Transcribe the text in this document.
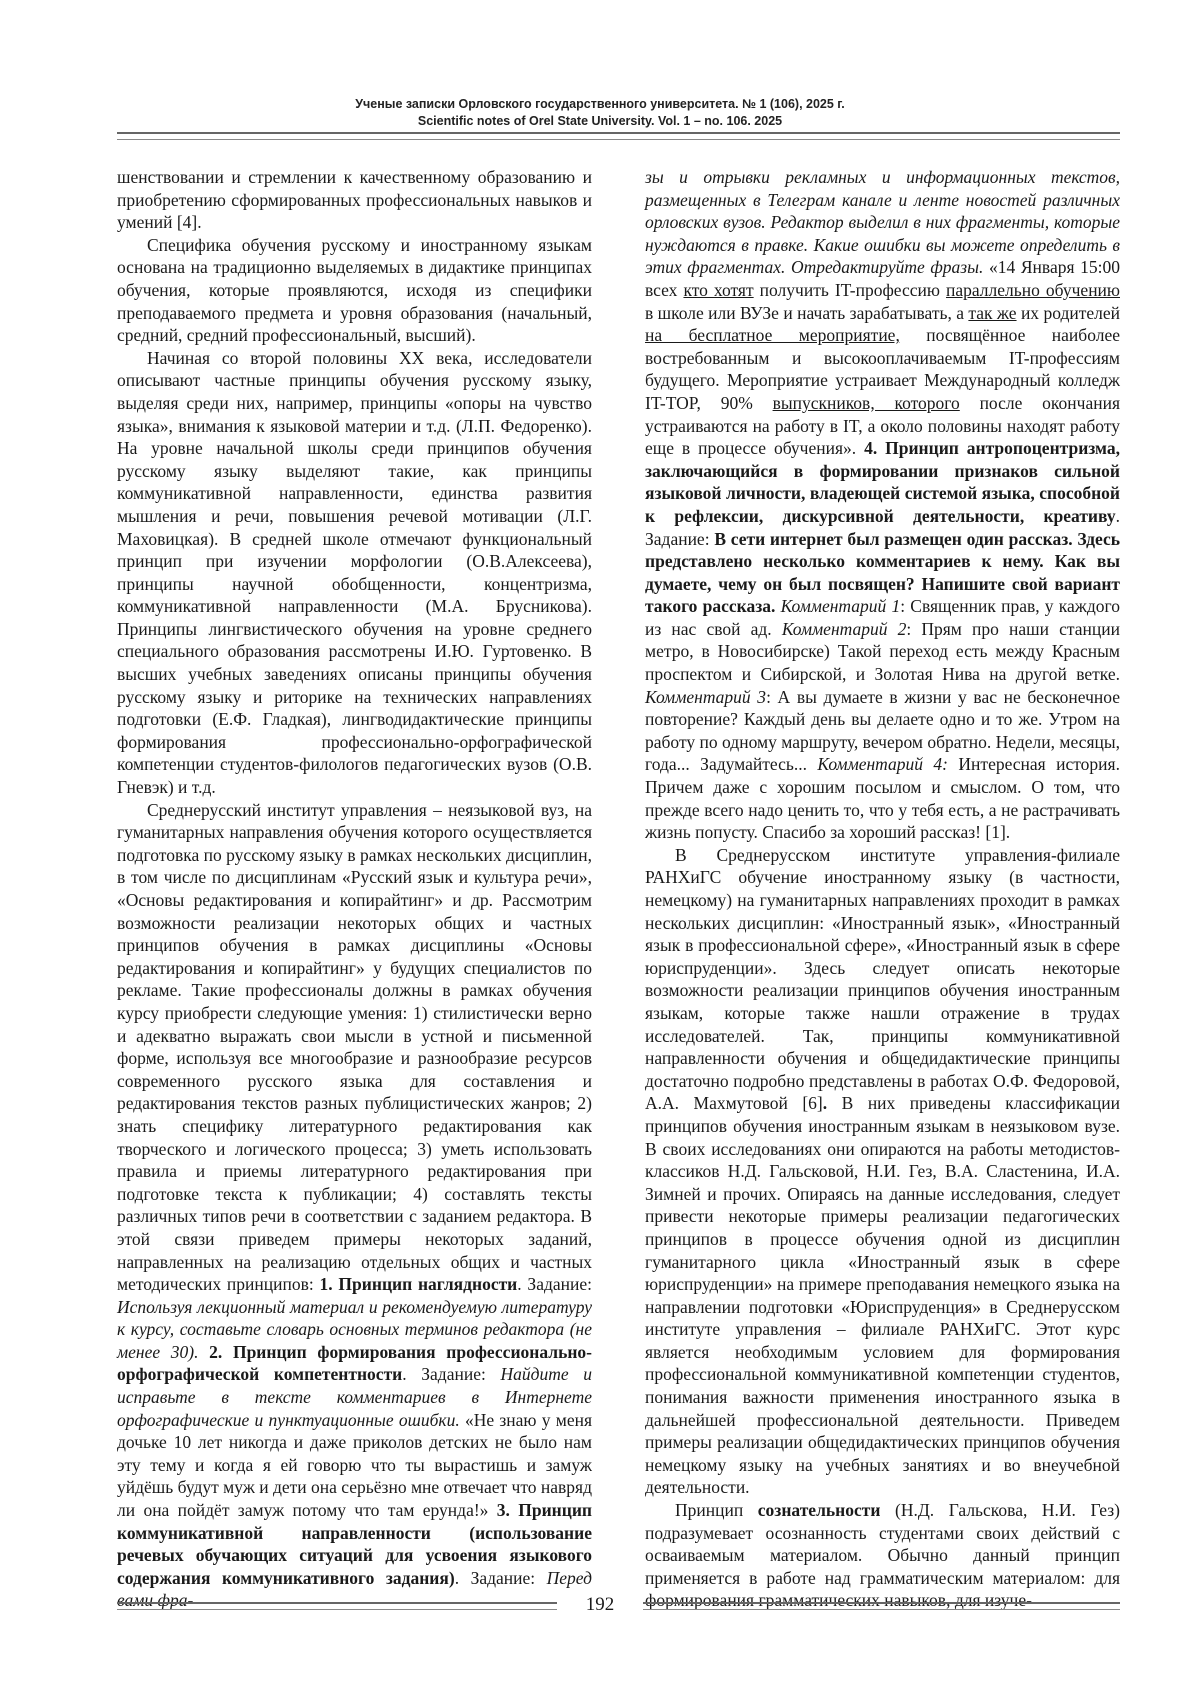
Ученые записки Орловского государственного университета. № 1 (106), 2025 г.
Scientific notes of Orel State University. Vol. 1 – no. 106. 2025

шенствовании и стремлении к качественному образованию и приобретению сформированных профессиональных навыков и умений [4].

Специфика обучения русскому и иностранному языкам основана на традиционно выделяемых в дидактике принципах обучения, которые проявляются, исходя из специфики преподаваемого предмета и уровня образования (начальный, средний, средний профессиональный, высший).

Начиная со второй половины XX века, исследователи описывают частные принципы обучения русскому языку, выделяя среди них, например, принципы «опоры на чувство языка», внимания к языковой материи и т.д. (Л.П. Федоренко). На уровне начальной школы среди принципов обучения русскому языку выделяют такие, как принципы коммуникативной направленности, единства развития мышления и речи, повышения речевой мотивации (Л.Г. Маховицкая). В средней школе отмечают функциональный принцип при изучении морфологии (О.В.Алексеева), принципы научной обобщенности, концентризма, коммуникативной направленности (М.А. Брусникова). Принципы лингвистического обучения на уровне среднего специального образования рассмотрены И.Ю. Гуртовенко. В высших учебных заведениях описаны принципы обучения русскому языку и риторике на технических направлениях подготовки (Е.Ф. Гладкая), лингводидактические принципы формирования профессионально-орфографической компетенции студентов-филологов педагогических вузов (О.В. Гневэк) и т.д.

Среднерусский институт управления – неязыковой вуз, на гуманитарных направления обучения которого осуществляется подготовка по русскому языку в рамках нескольких дисциплин, в том числе по дисциплинам «Русский язык и культура речи», «Основы редактирования и копирайтинг» и др. Рассмотрим возможности реализации некоторых общих и частных принципов обучения в рамках дисциплины «Основы редактирования и копирайтинг» у будущих специалистов по рекламе. Такие профессионалы должны в рамках обучения курсу приобрести следующие умения: 1) стилистически верно и адекватно выражать свои мысли в устной и письменной форме, используя все многообразие и разнообразие ресурсов современного русского языка для составления и редактирования текстов разных публицистических жанров; 2) знать специфику литературного редактирования как творческого и логического процесса; 3) уметь использовать правила и приемы литературного редактирования при подготовке текста к публикации; 4) составлять тексты различных типов речи в соответствии с заданием редактора. В этой связи приведем примеры некоторых заданий, направленных на реализацию отдельных общих и частных методических принципов: 1. Принцип наглядности. Задание: Используя лекционный материал и рекомендуемую литературу к курсу, составьте словарь основных терминов редактора (не менее 30). 2. Принцип формирования профессионально-орфографической компетентности. Задание: Найдите и исправьте в тексте комментариев в Интернете орфографические и пунктуационные ошибки. «Не знаю у меня дочьке 10 лет никогда и даже приколов детских не было нам эту тему и когда я ей говорю что ты вырастишь и замуж уйдёшь будут муж и дети она серьёзно мне отвечает что навряд ли она пойдёт замуж потому что там ерунда!» 3. Принцип коммуникативной направленности (использование речевых обучающих ситуаций для усвоения языкового содержания коммуникативного задания). Задание: Перед вами фра-

зы и отрывки рекламных и информационных текстов, размещенных в Телеграм канале и ленте новостей различных орловских вузов. Редактор выделил в них фрагменты, которые нуждаются в правке. Какие ошибки вы можете определить в этих фрагментах. Отредактируйте фразы. «14 Января 15:00 всех кто хотят получить IT-профессию параллельно обучению в школе или ВУЗе и начать зарабатывать, а так же их родителей на бесплатное мероприятие, посвящённое наиболее востребованным и высокооплачиваемым IT-профессиям будущего. Мероприятие устраивает Международный колледж IT-TOP, 90% выпускников, которого после окончания устраиваются на работу в IT, а около половины находят работу еще в процессе обучения». 4. Принцип антропоцентризма, заключающийся в формировании признаков сильной языковой личности, владеющей системой языка, способной к рефлексии, дискурсивной деятельности, креативу. Задание: В сети интернет был размещен один рассказ. Здесь представлено несколько комментариев к нему. Как вы думаете, чему он был посвящен? Напишите свой вариант такого рассказа. Комментарий 1: Священник прав, у каждого из нас свой ад. Комментарий 2: Прям про наши станции метро, в Новосибирске) Такой переход есть между Красным проспектом и Сибирской, и Золотая Нива на другой ветке. Комментарий 3: А вы думаете в жизни у вас не бесконечное повторение? Каждый день вы делаете одно и то же. Утром на работу по одному маршруту, вечером обратно. Недели, месяцы, года... Задумайтесь... Комментарий 4: Интересная история. Причем даже с хорошим посылом и смыслом. О том, что прежде всего надо ценить то, что у тебя есть, а не растрачивать жизнь попусту. Спасибо за хороший рассказ! [1].

В Среднерусском институте управления-филиале РАНХиГС обучение иностранному языку (в частности, немецкому) на гуманитарных направлениях проходит в рамках нескольких дисциплин: «Иностранный язык», «Иностранный язык в профессиональной сфере», «Иностранный язык в сфере юриспруденции». Здесь следует описать некоторые возможности реализации принципов обучения иностранным языкам, которые также нашли отражение в трудах исследователей. Так, принципы коммуникативной направленности обучения и общедидактические принципы достаточно подробно представлены в работах О.Ф. Федоровой, А.А. Махмутовой [6]. В них приведены классификации принципов обучения иностранным языкам в неязыковом вузе. В своих исследованиях они опираются на работы методистов-классиков Н.Д. Гальсковой, Н.И. Гез, В.А. Сластенина, И.А. Зимней и прочих. Опираясь на данные исследования, следует привести некоторые примеры реализации педагогических принципов в процессе обучения одной из дисциплин гуманитарного цикла «Иностранный язык в сфере юриспруденции» на примере преподавания немецкого языка на направлении подготовки «Юриспруденция» в Среднерусском институте управления – филиале РАНХиГС. Этот курс является необходимым условием для формирования профессиональной коммуникативной компетенции студентов, понимания важности применения иностранного языка в дальнейшей профессиональной деятельности. Приведем примеры реализации общедидактических принципов обучения немецкому языку на учебных занятиях и во внеучебной деятельности.

Принцип сознательности (Н.Д. Гальскова, Н.И. Гез) подразумевает осознанность студентами своих действий с осваиваемым материалом. Обычно данный принцип применяется в работе над грамматическим материалом: для формирования грамматических навыков, для изуче-

192
